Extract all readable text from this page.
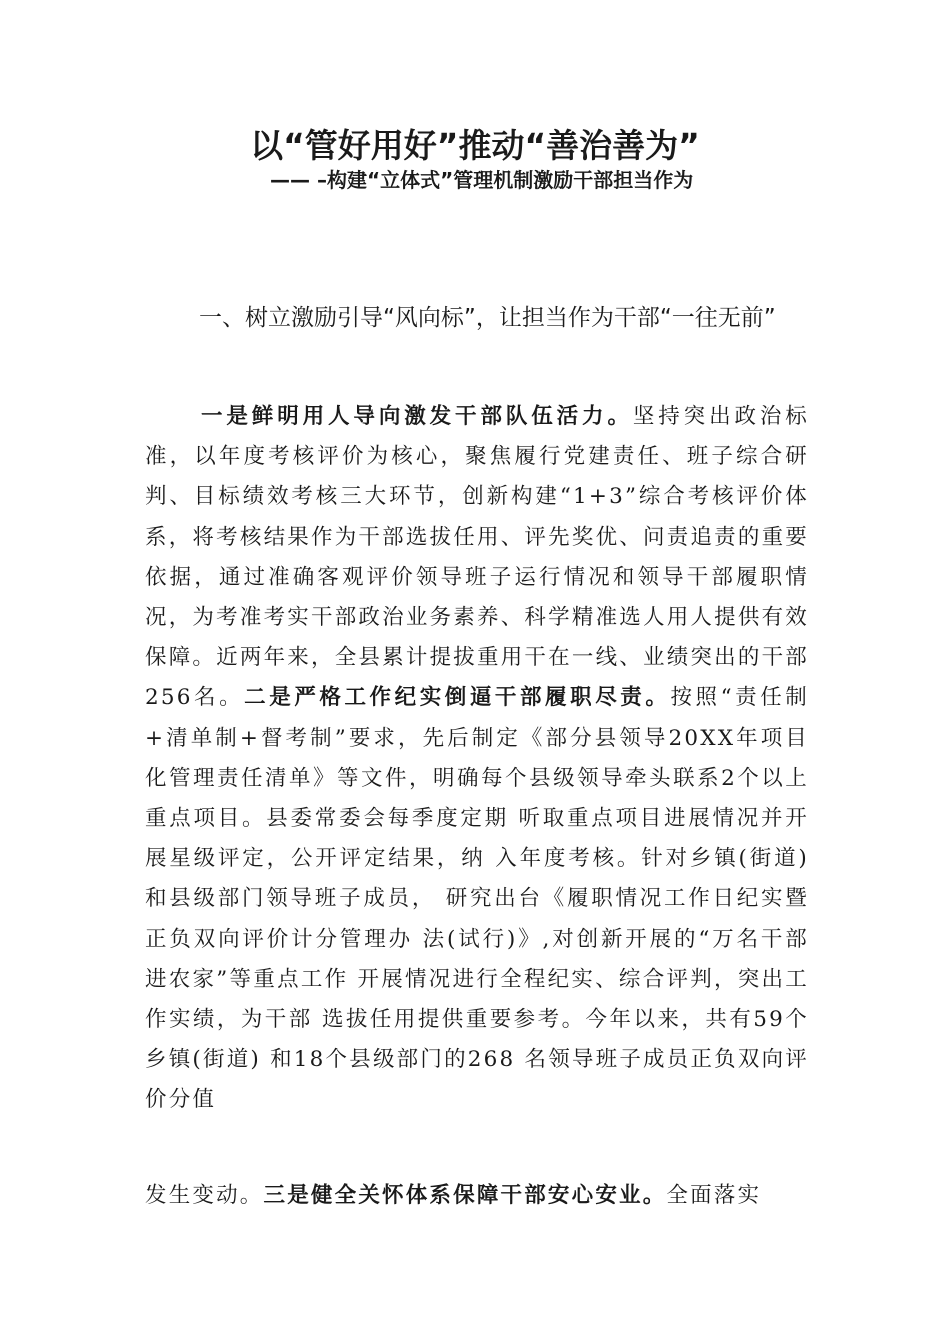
以“管好用好”推动“善治善为”
—— –构建“立体式”管理机制激励干部担当作为
一、树立激励引导“风向标”，让担当作为干部“一往无前”
一是鲜明用人导向激发干部队伍活力。坚持突出政治标准，以年度考核评价为核心，聚焦履行党建责任、班子综合研判、目标绩效考核三大环节，创新构建“1+3”综合考核评价体系，将考核结果作为干部选拔任用、评先奖优、问责追责的重要依据，通过准确客观评价领导班子运行情况和领导干部履职情况，为考准考实干部政治业务素养、科学精准选人用人提供有效保障。近两年来，全县累计提拔重用干在一线、业绩突出的干部256名。二是严格工作纪实倒逼干部履职尽责。按照“责任制+清单制+督考制”要求，先后制定《部分县领导20XX年项目化管理责任清单》等文件，明确每个县级领导牵头联系2个以上重点项目。县委常委会每季度定期 听取重点项目进展情况并开展星级评定，公开评定结果，纳 入年度考核。针对乡镇(街道)和县级部门领导班子成员， 研究出台《履职情况工作日纪实暨正负双向评价计分管理办 法(试行)》,对创新开展的“万名干部进农家”等重点工作 开展情况进行全程纪实、综合评判，突出工作实绩，为干部 选拔任用提供重要参考。今年以来，共有59个乡镇(街道) 和18个县级部门的268 名领导班子成员正负双向评价分值
发生变动。三是健全关怀体系保障干部安心安业。全面落实
